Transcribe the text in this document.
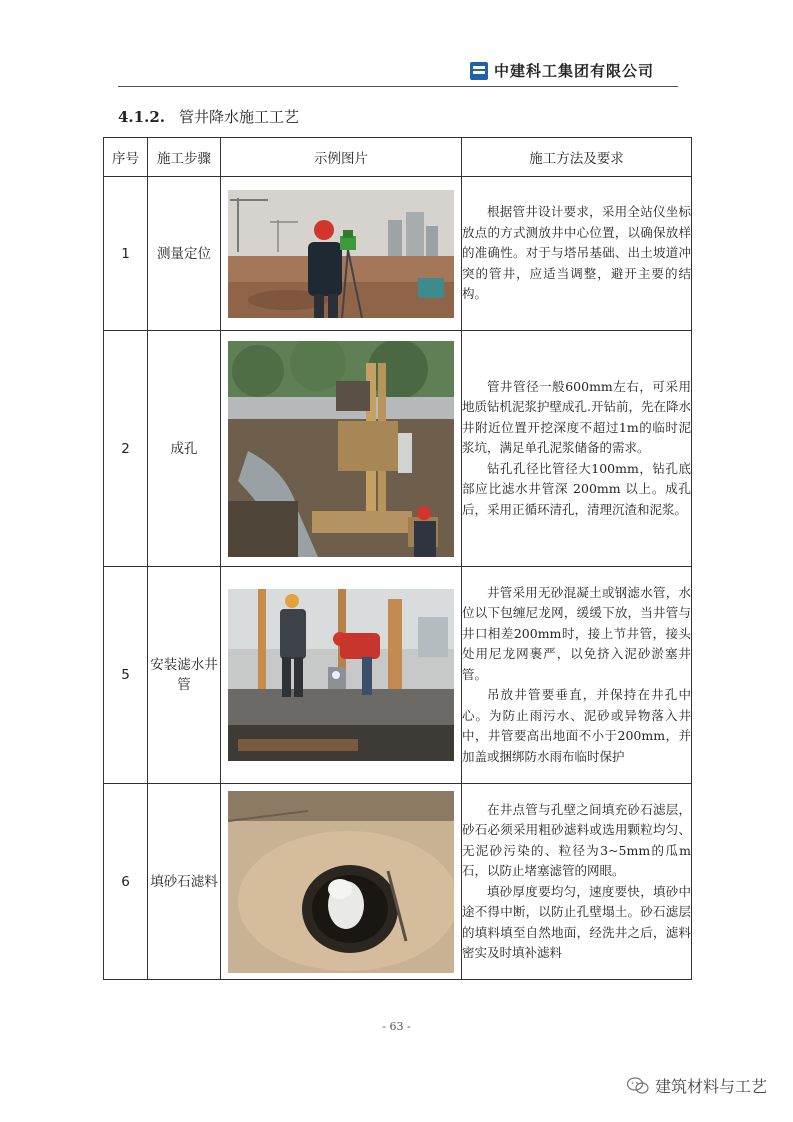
中建科工集团有限公司
4.1.2. 管井降水施工工艺
序号	施工步骤	示例图片	施工方法及要求
1	测量定位		根据管井设计要求，采用全站仪坐标放点的方式测放井中心位置，以确保放样的准确性。对于与塔吊基础、出土坡道冲突的管井，应适当调整，避开主要的结构。

2	成孔		管井管径一般600mm左右，可采用地质钻机泥浆护壁成孔.开钻前，先在降水井附近位置开挖深度不超过1m的临时泥浆坑，满足单孔泥浆储备的需求。

钻孔孔径比管径大100mm，钻孔底部应比滤水井管深 200mm 以上。成孔后，采用正循环清孔，清理沉渣和泥浆。

5	安装滤水井管		井管采用无砂混凝土或钢滤水管，水位以下包缠尼龙网，缓缓下放，当井管与井口相差200mm时，接上节井管，接头处用尼龙网裹严，以免挤入泥砂淤塞井管。

吊放井管要垂直，并保持在井孔中心。为防止雨污水、泥砂或异物落入井中，井管要高出地面不小于200mm，并加盖或捆绑防水雨布临时保护

6	填砂石滤料		在井点管与孔壁之间填充砂石滤层，砂石必须采用粗砂滤料或选用颗粒均匀、无泥砂污染的、粒径为3~5mm的瓜m石，以防止堵塞滤管的网眼。

填砂厚度要均匀，速度要快，填砂中途不得中断，以防止孔壁塌土。砂石滤层的填料填至自然地面，经洗井之后，滤料密实及时填补滤料

- 63 -
建筑材料与工艺
